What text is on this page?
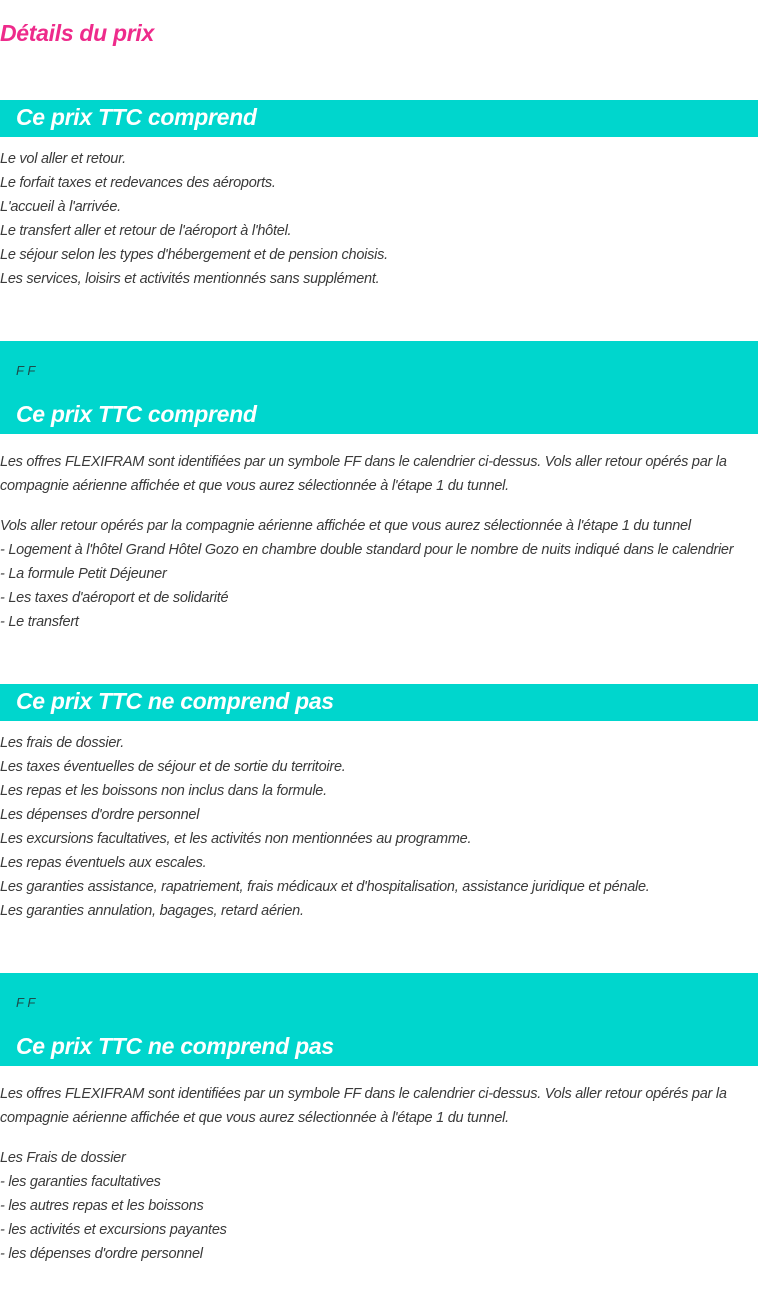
Détails du prix
Ce prix TTC comprend
Le vol aller et retour.
Le forfait taxes et redevances des aéroports.
L'accueil à l'arrivée.
Le transfert aller et retour de l'aéroport à l'hôtel.
Le séjour selon les types d'hébergement et de pension choisis.
Les services, loisirs et activités mentionnés sans supplément.
F F
Ce prix TTC comprend

Les offres FLEXIFRAM sont identifiées par un symbole FF dans le calendrier ci-dessus. Vols aller retour opérés par la compagnie aérienne affichée et que vous aurez sélectionnée à l'étape 1 du tunnel.

Vols aller retour opérés par la compagnie aérienne affichée et que vous aurez sélectionnée à l'étape 1 du tunnel
- Logement à l'hôtel Grand Hôtel Gozo en chambre double standard pour le nombre de nuits indiqué dans le calendrier
- La formule Petit Déjeuner
- Les taxes d'aéroport et de solidarité
- Le transfert
Ce prix TTC ne comprend pas
Les frais de dossier.
Les taxes éventuelles de séjour et de sortie du territoire.
Les repas et les boissons non inclus dans la formule.
Les dépenses d'ordre personnel
Les excursions facultatives, et les activités non mentionnées au programme.
Les repas éventuels aux escales.
Les garanties assistance, rapatriement, frais médicaux et d'hospitalisation, assistance juridique et pénale.
Les garanties annulation, bagages, retard aérien.
F F
Ce prix TTC ne comprend pas

Les offres FLEXIFRAM sont identifiées par un symbole FF dans le calendrier ci-dessus. Vols aller retour opérés par la compagnie aérienne affichée et que vous aurez sélectionnée à l'étape 1 du tunnel.

Les Frais de dossier
- les garanties facultatives
- les autres repas et les boissons
- les activités et excursions payantes
- les dépenses d'ordre personnel
